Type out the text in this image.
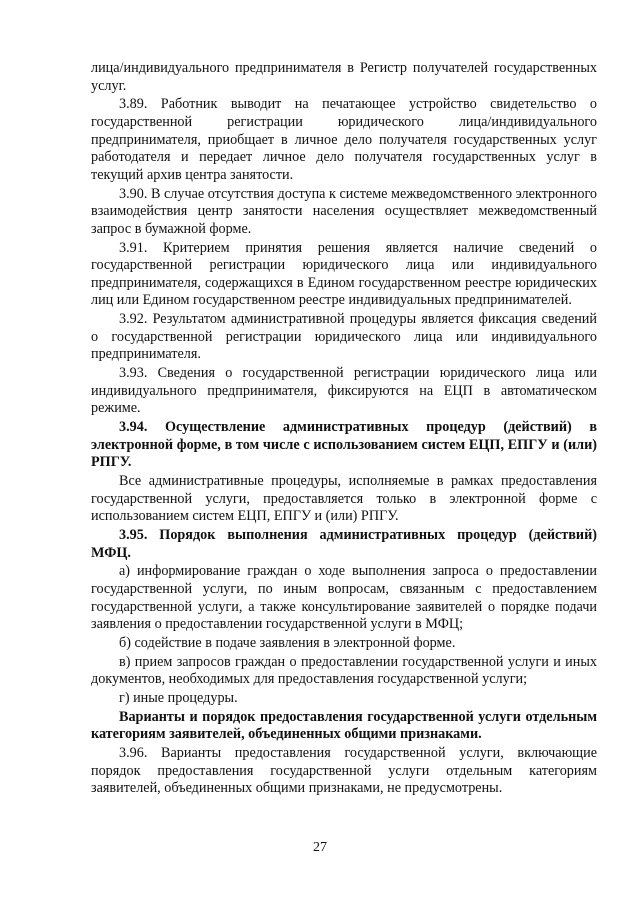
лица/индивидуального предпринимателя в Регистр получателей государственных услуг.

3.89. Работник выводит на печатающее устройство свидетельство о государственной регистрации юридического лица/индивидуального предпринимателя, приобщает в личное дело получателя государственных услуг работодателя и передает личное дело получателя государственных услуг в текущий архив центра занятости.

3.90. В случае отсутствия доступа к системе межведомственного электронного взаимодействия центр занятости населения осуществляет межведомственный запрос в бумажной форме.

3.91. Критерием принятия решения является наличие сведений о государственной регистрации юридического лица или индивидуального предпринимателя, содержащихся в Едином государственном реестре юридических лиц или Едином государственном реестре индивидуальных предпринимателей.

3.92. Результатом административной процедуры является фиксация сведений о государственной регистрации юридического лица или индивидуального предпринимателя.

3.93. Сведения о государственной регистрации юридического лица или индивидуального предпринимателя, фиксируются на ЕЦП в автоматическом режиме.

3.94. Осуществление административных процедур (действий) в электронной форме, в том числе с использованием систем ЕЦП, ЕПГУ и (или) РПГУ.

Все административные процедуры, исполняемые в рамках предоставления государственной услуги, предоставляется только в электронной форме с использованием систем ЕЦП, ЕПГУ и (или) РПГУ.

3.95. Порядок выполнения административных процедур (действий) МФЦ.

а) информирование граждан о ходе выполнения запроса о предоставлении государственной услуги, по иным вопросам, связанным с предоставлением государственной услуги, а также консультирование заявителей о порядке подачи заявления о предоставлении государственной услуги в МФЦ;

б) содействие в подаче заявления в электронной форме.

в) прием запросов граждан о предоставлении государственной услуги и иных документов, необходимых для предоставления государственной услуги;

г) иные процедуры.

Варианты и порядок предоставления государственной услуги отдельным категориям заявителей, объединенных общими признаками.

3.96. Варианты предоставления государственной услуги, включающие порядок предоставления государственной услуги отдельным категориям заявителей, объединенных общими признаками, не предусмотрены.

27
